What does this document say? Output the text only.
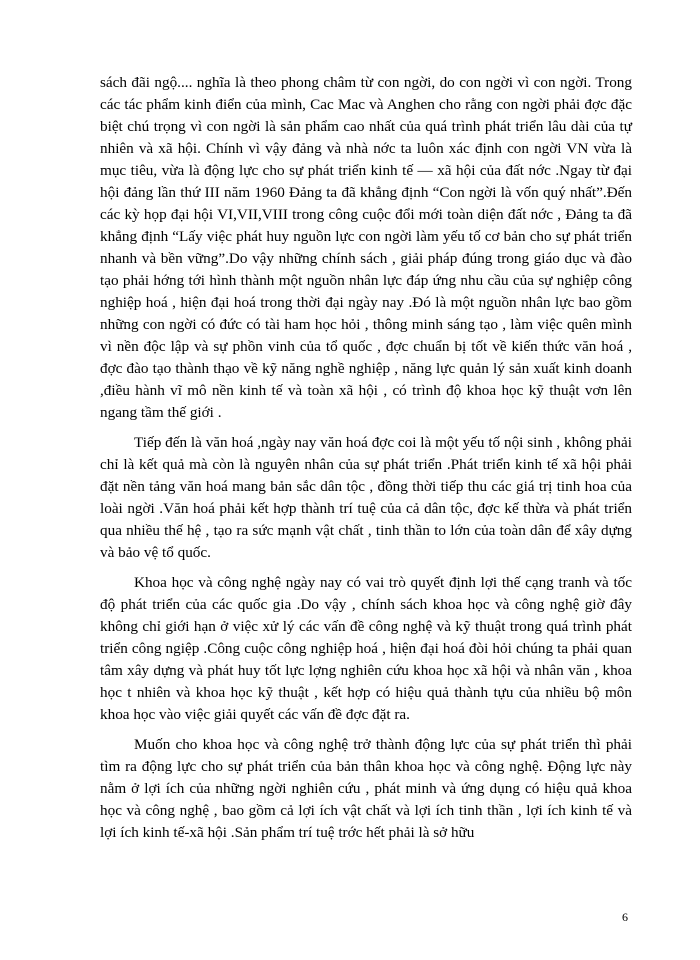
sách đãi ngộ.... nghĩa là theo phong châm từ con ngời, do con ngời vì con ngời. Trong các tác phẩm kinh điển của mình, Cac Mac và Anghen cho rằng con ngời phải đợc đặc biệt chú trọng vì con ngời là sản phẩm cao nhất của quá trình phát triển lâu dài của tự nhiên và xã hội. Chính vì vậy đảng và nhà nớc ta luôn xác định con ngời VN vừa là mục tiêu, vừa là động lực cho sự phát triển kinh tế — xã hội của đất nớc .Ngay từ đại hội đảng lần thứ III năm 1960 Đảng ta đã khẳng định “Con ngời là vốn quý nhất”.Đến các kỳ họp đại hội VI,VII,VIII trong công cuộc đổi mới toàn diện đất nớc , Đảng ta đã khẳng định “Lấy việc phát huy nguồn lực con ngời làm yếu tố cơ bản cho sự phát triển nhanh và bền vững”.Do vậy những chính sách , giải pháp đúng trong giáo dục và đào tạo phải hớng tới hình thành một nguồn nhân lực đáp ứng nhu cầu của sự nghiệp công nghiệp hoá , hiện đại hoá trong thời đại ngày nay .Đó là một nguồn nhân lực bao gồm những con ngời có đức có tài ham học hỏi , thông minh sáng tạo , làm việc quên mình vì nền độc lập và sự phồn vinh của tổ quốc , đợc chuẩn bị tốt về kiến thức văn hoá , đợc đào tạo thành thạo về kỹ năng nghề nghiệp , năng lực quản lý sản xuất kinh doanh ,điều hành vĩ mô nền kinh tế và toàn xã hội , có trình độ khoa học kỹ thuật vơn lên ngang tầm thế giới .

Tiếp đến là văn hoá ,ngày nay văn hoá đợc coi là một yếu tố nội sinh , không phải chỉ là kết quả mà còn là nguyên nhân của sự phát triển .Phát triển kinh tế xã hội phải đặt nền tảng văn hoá mang bản sắc dân tộc , đồng thời tiếp thu các giá trị tinh hoa của loài ngời .Văn hoá phải kết hợp thành trí tuệ của cả dân tộc, đợc kế thừa và phát triển qua nhiều thế hệ , tạo ra sức mạnh vật chất , tinh thần to lớn của toàn dân để xây dựng và bảo vệ tổ quốc.

Khoa học và công nghệ ngày nay có vai trò quyết định lợi thế cạng tranh và tốc độ phát triển của các quốc gia .Do vậy , chính sách khoa học và công nghệ giờ đây không chỉ giới hạn ở việc xử lý các vấn đề công nghệ và kỹ thuật trong quá trình phát triển công ngiệp .Công cuộc công nghiệp hoá , hiện đại hoá đòi hỏi chúng ta phải quan tâm xây dựng và phát huy tốt lực lợng nghiên cứu khoa học xã hội và nhân văn , khoa học t nhiên và khoa học kỹ thuật , kết hợp có hiệu quả thành tựu của nhiều bộ môn khoa học vào việc giải quyết các vấn đề đợc đặt ra.

Muốn cho khoa học và công nghệ trở thành động lực của sự phát triển thì phải tìm ra động lực cho sự phát triển của bản thân khoa học và công nghệ. Động lực này nằm ở lợi ích của những ngời nghiên cứu , phát minh và ứng dụng có hiệu quả khoa học và công nghệ , bao gồm cả lợi ích vật chất và lợi ích tinh thần , lợi ích kinh tế và lợi ích kinh tế-xã hội .Sản phẩm trí tuệ trớc hết phải là sở hữu

6
